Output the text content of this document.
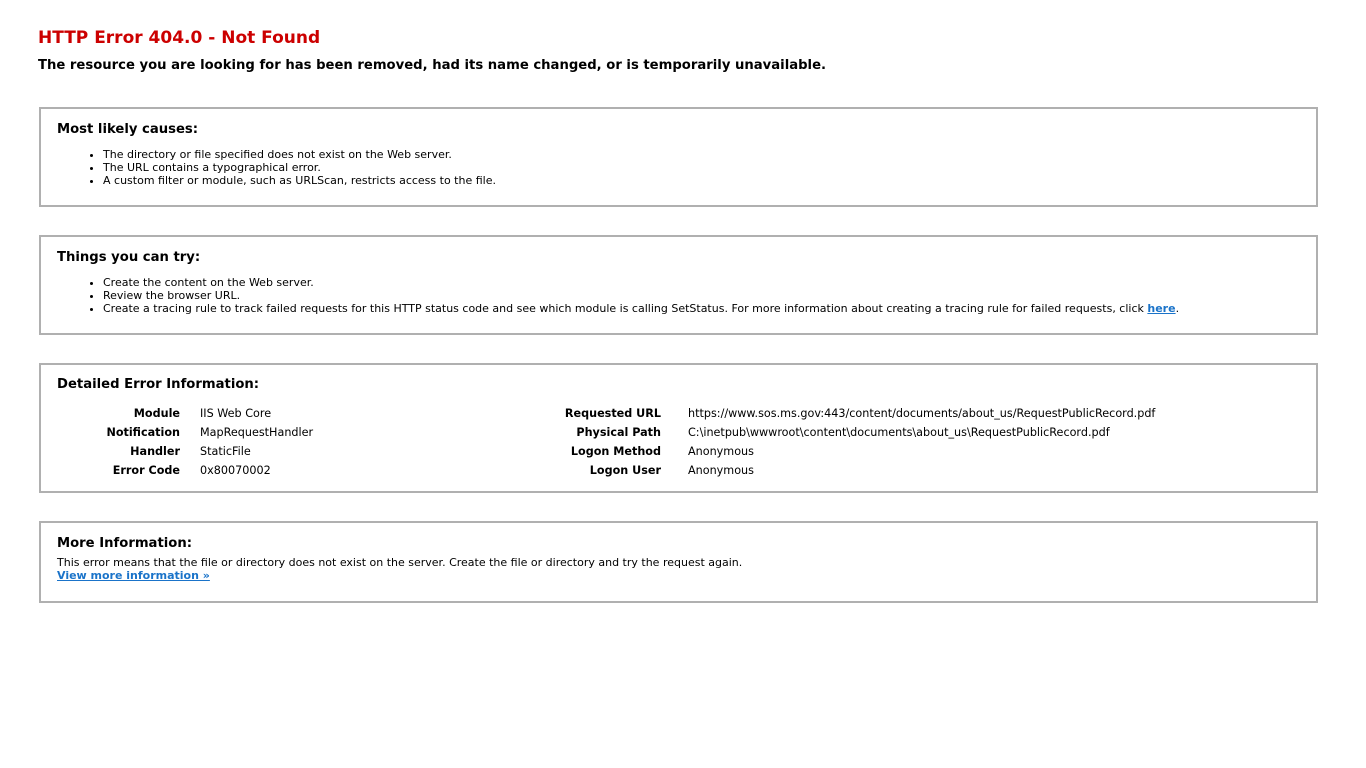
HTTP Error 404.0 - Not Found
The resource you are looking for has been removed, had its name changed, or is temporarily unavailable.
Most likely causes:
• The directory or file specified does not exist on the Web server.
• The URL contains a typographical error.
• A custom filter or module, such as URLScan, restricts access to the file.
Things you can try:
• Create the content on the Web server.
• Review the browser URL.
• Create a tracing rule to track failed requests for this HTTP status code and see which module is calling SetStatus. For more information about creating a tracing rule for failed requests, click here.
Detailed Error Information:
Module IIS Web Core
Notification MapRequestHandler
Handler StaticFile
Error Code 0x80070002
Requested URL https://www.sos.ms.gov:443/content/documents/about_us/RequestPublicRecord.pdf
Physical Path C:\inetpub\wwwroot\content\documents\about_us\RequestPublicRecord.pdf
Logon Method Anonymous
Logon User Anonymous
More Information:
This error means that the file or directory does not exist on the server. Create the file or directory and try the request again.
View more information »
